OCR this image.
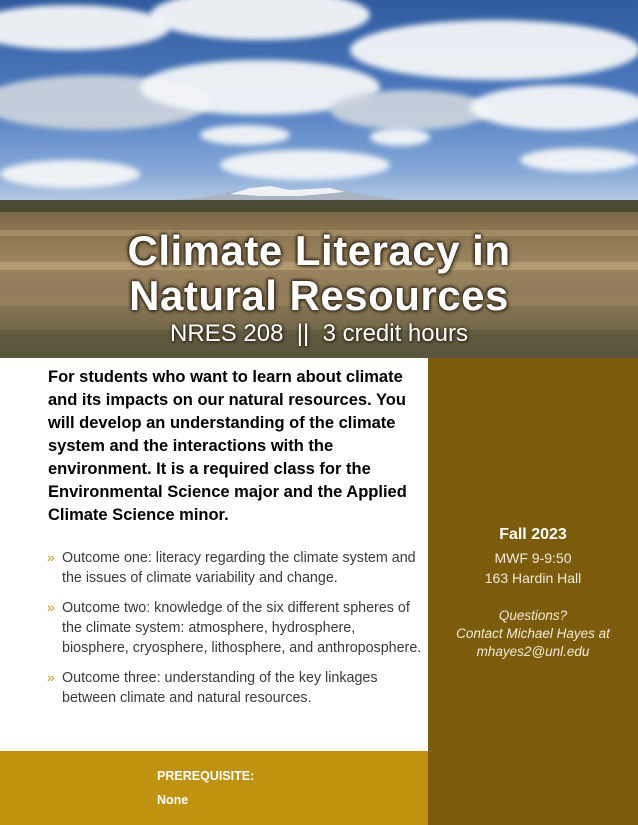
Climate Literacy in
Natural Resources
NRES 208  ||  3 credit hours

For students who want to learn about climate and its impacts on our natural resources. You will develop an understanding of the climate system and the interactions with the environment. It is a required class for the Environmental Science major and the Applied Climate Science minor.

» Outcome one: literacy regarding the climate system and the issues of climate variability and change.
» Outcome two: knowledge of the six different spheres of the climate system: atmosphere, hydrosphere, biosphere, cryosphere, lithosphere, and anthroposphere.
» Outcome three: understanding of the key linkages between climate and natural resources.
Fall 2023
MWF 9-9:50
163 Hardin Hall
Questions?
Contact Michael Hayes at
mhayes2@unl.edu
PREREQUISITE:
None
